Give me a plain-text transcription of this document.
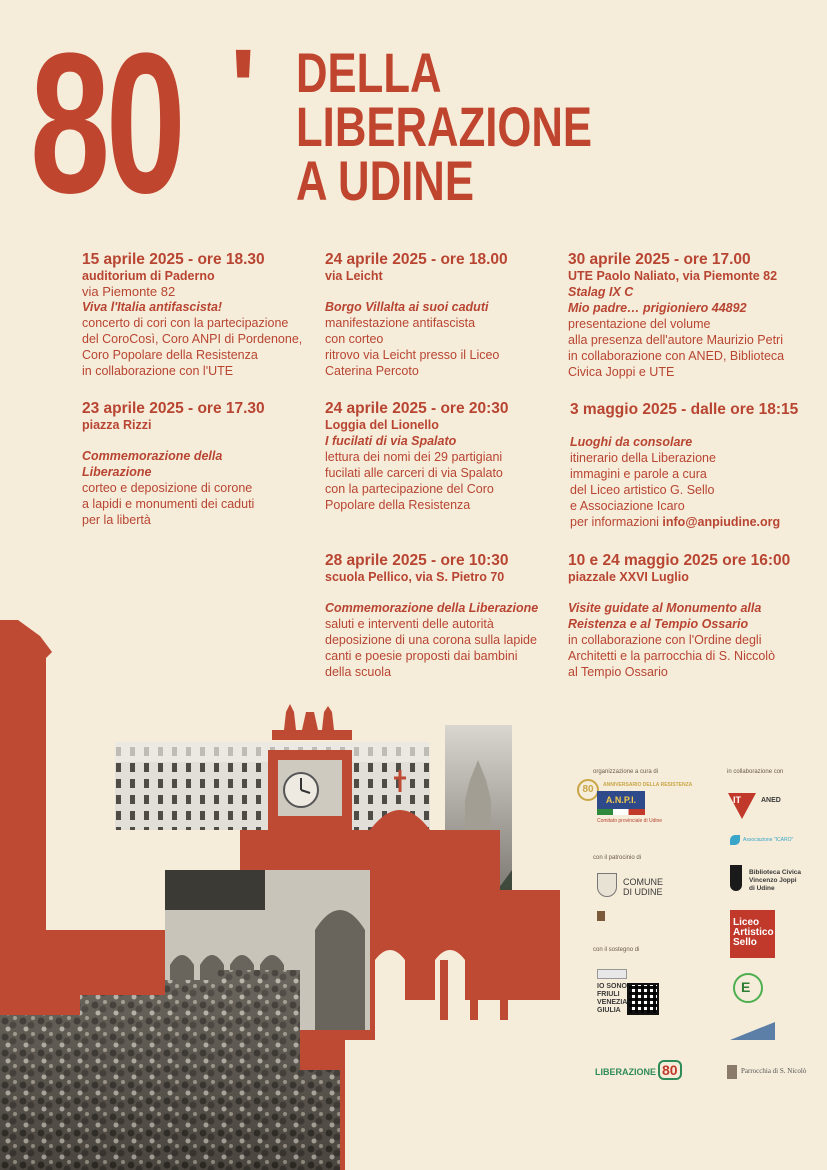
80 ' DELLA
LIBERAZIONE
A UDINE
15 aprile 2025 - ore 18.30
auditorium di Paderno
via Piemonte 82
Viva l'Italia antifascista!
concerto di cori con la partecipazione
del CoroCosì, Coro ANPI di Pordenone,
Coro Popolare della Resistenza
in collaborazione con l'UTE
24 aprile 2025 - ore 18.00
via Leicht
Borgo Villalta ai suoi caduti
manifestazione antifascista
con corteo
ritrovo via Leicht presso il Liceo
Caterina Percoto
30 aprile 2025 - ore 17.00
UTE Paolo Naliato, via Piemonte 82
Stalag IX C
Mio padre… prigioniero 44892
presentazione del volume
alla presenza dell'autore Maurizio Petri
in collaborazione con ANED, Biblioteca
Civica Joppi e UTE
23 aprile 2025 - ore 17.30
piazza Rizzi
Commemorazione della
Liberazione
corteo e deposizione di corone
a lapidi e monumenti dei caduti
per la libertà
24 aprile 2025 - ore 20:30
Loggia del Lionello
I fucilati di via Spalato
lettura dei nomi dei 29 partigiani
fucilati alle carceri di via Spalato
con la partecipazione del Coro
Popolare della Resistenza
3 maggio 2025 - dalle ore 18:15
Luoghi da consolare
itinerario della Liberazione
immagini e parole a cura
del Liceo artistico G. Sello
e Associazione Icaro
per informazioni info@anpiudine.org
28 aprile 2025 - ore 10:30
scuola Pellico, via S. Pietro 70
Commemorazione della Liberazione
saluti e interventi delle autorità
deposizione di una corona sulla lapide
canti e poesie proposti dai bambini
della scuola
10 e 24 maggio 2025 ore 16:00
piazzale XXVI Luglio
Visite guidate al Monumento alla
Reistenza e al Tempio Ossario
in collaborazione con l'Ordine degli
Architetti e la parrocchia di S. Niccolò
al Tempio Ossario
organizzazione a cura di	in collaborazione con
80	ANNIVERSARIO DELLA RESISTENZA
A.N.P.I.
Comitato provinciale di Udine
IT	ANED
Associazione "ICARO"
con il patrocinio di
COMUNE
DI UDINE
Biblioteca Civica
Vincenzo Joppi
di Udine
Liceo
Artistico
Sello
con il sostegno di
IO SONO
FRIULI
VENEZIA
GIULIA
E
LIBERAZIONE 80	Parrocchia di S. Nicolò
